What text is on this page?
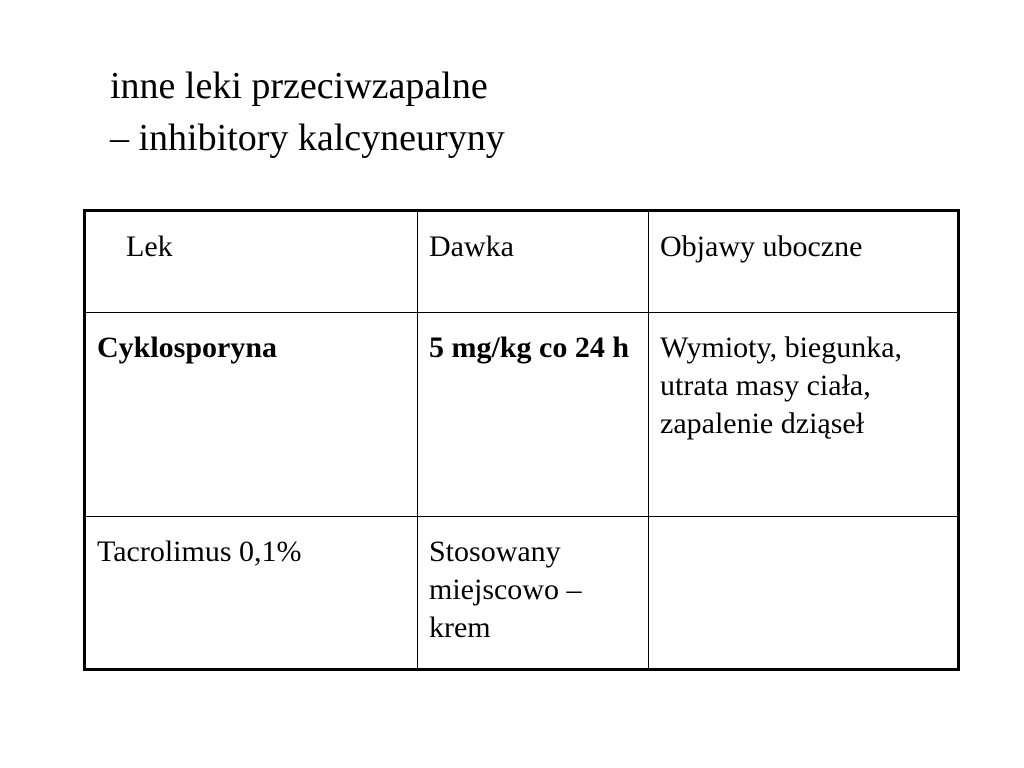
inne leki przeciwzapalne
– inhibitory kalcyneuryny
Lek	Dawka	Objawy uboczne
Cyklosporyna	5 mg/kg co 24 h	Wymioty, biegunka, utrata masy ciała, zapalenie dziąseł
Tacrolimus 0,1%	Stosowany miejscowo – krem	
